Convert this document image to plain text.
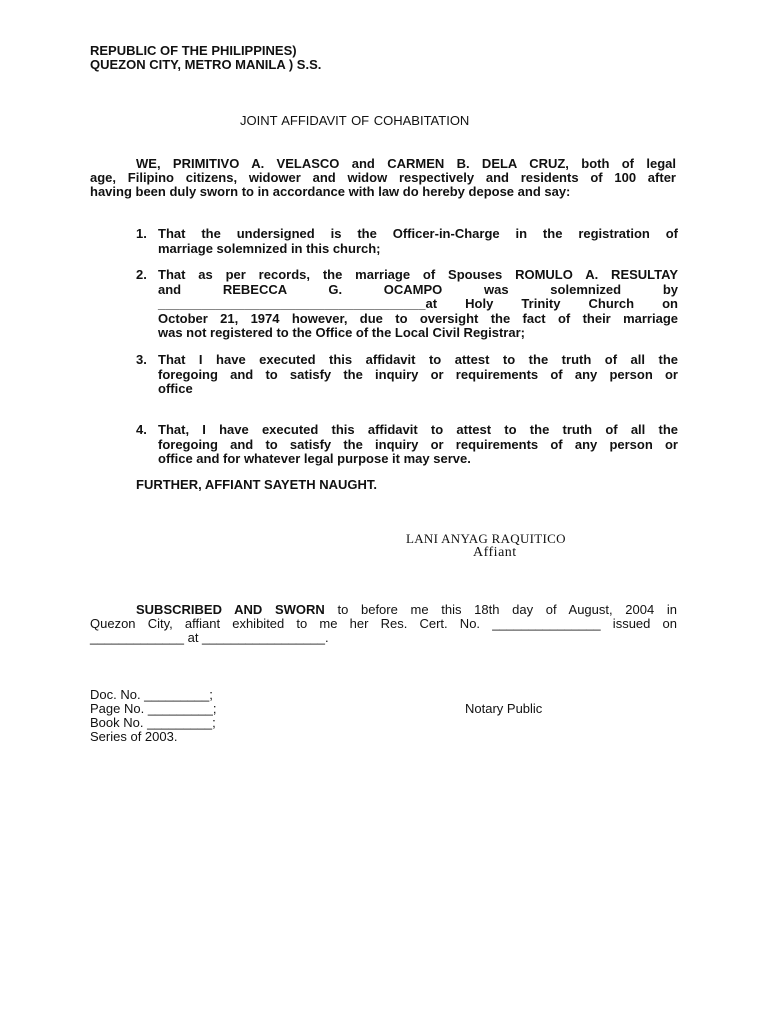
REPUBLIC OF THE PHILIPPINES)
QUEZON CITY, METRO MANILA ) S.S.
JOINT AFFIDAVIT OF COHABITATION
WE, PRIMITIVO A. VELASCO and CARMEN B. DELA CRUZ, both of legal
age, Filipino citizens, widower and widow respectively and residents of 100 after
having been duly sworn to in accordance with law do hereby depose and say:
1. That the undersigned is the Officer-in-Charge in the registration of
marriage solemnized in this church;
2. That as per records, the marriage of Spouses ROMULO A. RESULTAY
and      REBECCA      G.      OCAMPO      was      solemnized      by
_____________________________________at Holy Trinity Church on
October 21, 1974 however, due to oversight the fact of their marriage
was not registered to the Office of the Local Civil Registrar;
3. That I have executed this affidavit to attest to the truth of all the
foregoing and to satisfy the inquiry or requirements of any person or
office
4. That, I have executed this affidavit to attest to the truth of all the
foregoing and to satisfy the inquiry or requirements of any person or
office and for whatever legal purpose it may serve.
FURTHER, AFFIANT SAYETH NAUGHT.
LANI ANYAG RAQUITICO
Affiant
SUBSCRIBED AND SWORN to before me this 18th day of August, 2004 in
Quezon City, affiant exhibited to me her Res. Cert. No. _______________ issued on
_____________ at _________________.
Doc. No. _________;
Page No. _________;
Book No. _________;
Series of 2003.
Notary Public
